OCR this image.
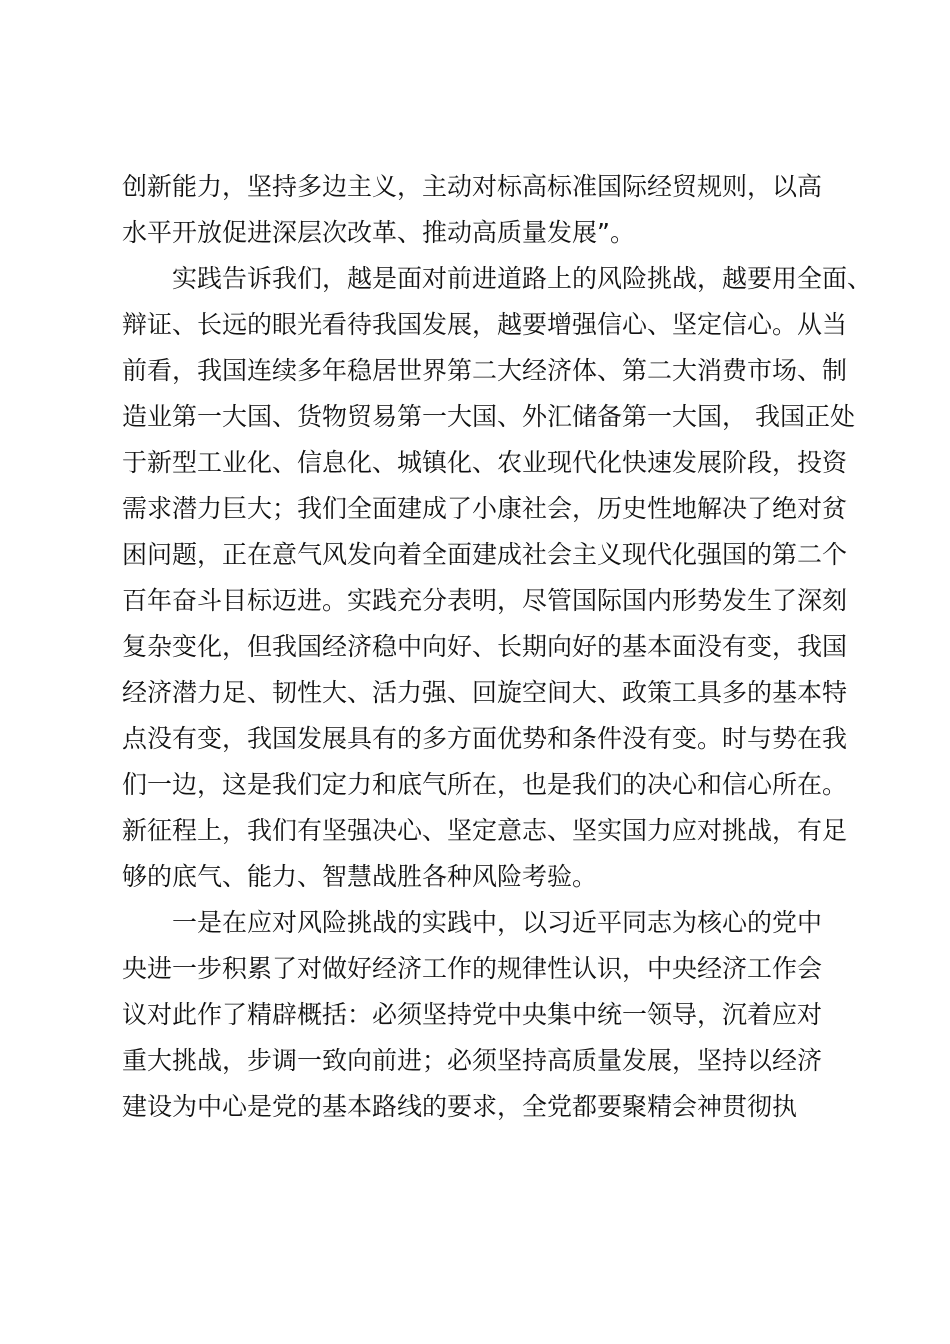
创新能力，坚持多边主义，主动对标高标准国际经贸规则，以高
水平开放促进深层次改革、推动高质量发展”。
实践告诉我们，越是面对前进道路上的风险挑战，越要用全面、
辩证、长远的眼光看待我国发展，越要增强信心、坚定信心。从当
前看，我国连续多年稳居世界第二大经济体、第二大消费市场、制
造业第一大国、货物贸易第一大国、外汇储备第一大国， 我国正处
于新型工业化、信息化、城镇化、农业现代化快速发展阶段，投资
需求潜力巨大；我们全面建成了小康社会，历史性地解决了绝对贫
困问题，正在意气风发向着全面建成社会主义现代化强国的第二个
百年奋斗目标迈进。实践充分表明，尽管国际国内形势发生了深刻
复杂变化，但我国经济稳中向好、长期向好的基本面没有变，我国
经济潜力足、韧性大、活力强、回旋空间大、政策工具多的基本特
点没有变，我国发展具有的多方面优势和条件没有变。时与势在我
们一边，这是我们定力和底气所在，也是我们的决心和信心所在。
新征程上，我们有坚强决心、坚定意志、坚实国力应对挑战，有足
够的底气、能力、智慧战胜各种风险考验。
一是在应对风险挑战的实践中，以习近平同志为核心的党中
央进一步积累了对做好经济工作的规律性认识，中央经济工作会
议对此作了精辟概括：必须坚持党中央集中统一领导，沉着应对
重大挑战，步调一致向前进；必须坚持高质量发展，坚持以经济
建设为中心是党的基本路线的要求，全党都要聚精会神贯彻执
